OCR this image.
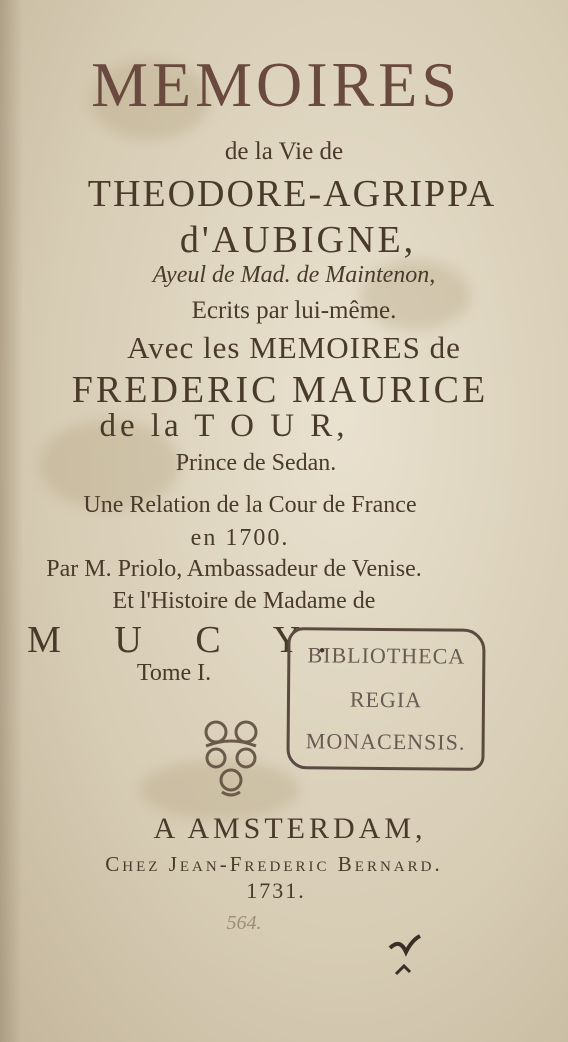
MEMOIRES
de la Vie de
THEODORE-AGRIPPA
d'AUBIGNE,
Ayeul de Mad. de Maintenon,
Ecrits par lui-même.
Avec les MEMOIRES de
FREDERIC MAURICE
de la T O U R,
Prince de Sedan.
Une Relation de la Cour de France
en 1700.
Par M. Priolo, Ambassadeur de Venise.
Et l'Histoire de Madame de
M U C Y.
Tome I.
BIBLIOTHECA
REGIA
MONACENSIS.
A AMSTERDAM,
Chez Jean-Frederic Bernard.
1731.
564.
